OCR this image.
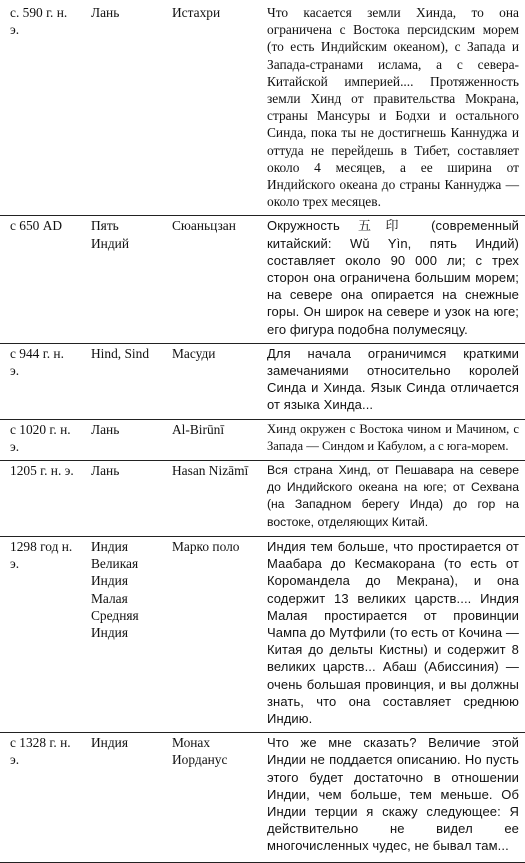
с. 590 г. н. э.	Лань	Истахри	Что касается земли Хинда, то она ограничена с Востока персидским морем (то есть Индийским океаном), с Запада и Запада-странами ислама, а с севера-Китайской империей.... Протяженность земли Хинд от правительства Мокрана, страны Мансуры и Бодхи и остального Синда, пока ты не достигнешь Каннуджа и оттуда не перейдешь в Тибет, составляет около 4 месяцев, а ее ширина от Индийского океана до страны Каннуджа — около трех месяцев.
с 650 AD	Пять Индий	Сюаньцзан	Окружность 五印 (современный китайский: Wǔ Yìn, пять Индий) составляет около 90 000 ли; с трех сторон она ограничена большим морем; на севере она опирается на снежные горы. Он широк на севере и узок на юге; его фигура подобна полумесяцу.
с 944 г. н. э.	Hind, Sind	Масуди	Для начала ограничимся краткими замечаниями относительно королей Синда и Хинда. Язык Синда отличается от языка Хинда...
с 1020 г. н. э.	Лань	Al-Birūnī	Хинд окружен с Востока чином и Мачином, с Запада — Синдом и Кабулом, а с юга-морем.
1205 г. н. э.	Лань	Hasan Nizāmī	Вся страна Хинд, от Пешавара на севере до Индийского океана на юге; от Сехвана (на Западном берегу Инда) до гор на востоке, отделяющих Китай.
1298 год н. э.	Индия Великая Индия Малая Средняя Индия	Марко поло	Индия тем больше, что простирается от Маабара до Кесмакорана (то есть от Коромандела до Мекрана), и она содержит 13 великих царств.... Индия Малая простирается от провинции Чампа до Мутфили (то есть от Кочина — Китая до дельты Кистны) и содержит 8 великих царств... Абаш (Абиссиния) — очень большая провинция, и вы должны знать, что она составляет среднюю Индию.
с 1328 г. н. э.	Индия	Монах Иорданус	Что же мне сказать? Величие этой Индии не поддается описанию. Но пусть этого будет достаточно в отношении Индии, чем больше, тем меньше. Об Индии терции я скажу следующее: Я действительно не видел ее многочисленных чудес, не бывал там...
